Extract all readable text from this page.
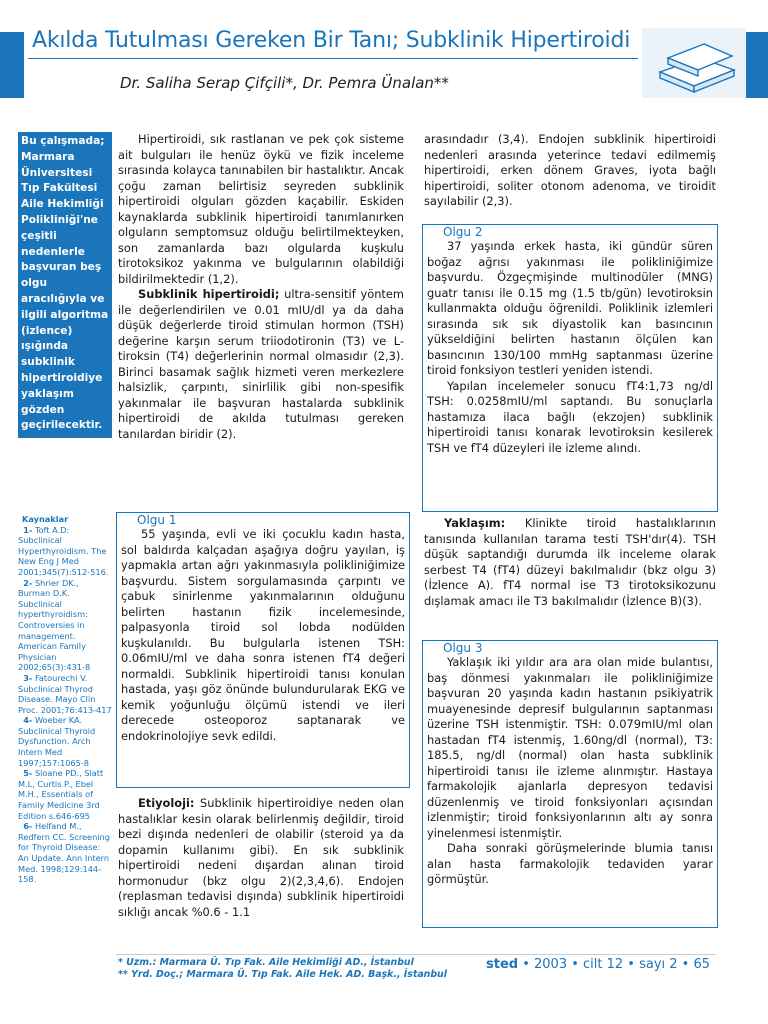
Akılda Tutulması Gereken Bir Tanı; Subklinik Hipertiroidi
Dr. Saliha Serap Çifçili*, Dr. Pemra Ünalan**
Bu çalışmada; Marmara Üniversitesi Tıp Fakültesi Aile Hekimliği Polikliniği'ne çeşitli nedenlerle başvuran beş olgu aracılığıyla ve ilgili algoritma (izlence) ışığında subklinik hipertiroidiye yaklaşım gözden geçirilecektir.
Kaynaklar
1- Toft A.D: Subclinical Hyperthyroidism. The New Eng J Med 2001;345(7):512-516.
2- Shrier DK., Burman D.K. Subclinical hyperthyroidism: Controversies in management. American Family Physician 2002;65(3):431-8
3- Fatourechi V. Subclinical Thyrod Disease. Mayo Clin Proc. 2001;76:413-417
4- Woeber KA. Subclinical Thyroid Dysfunction. Arch Intern Med 1997;157:1065-8
5- Sloane PD., Slatt M.L, Curtis P., Ebel M.H., Essentials of Family Medicine 3rd Edition s.646-695
6- Helfand M., Redfern CC. Screening for Thyroid Disease: An Update. Ann Intern Med. 1998;129:144-158.

Hipertiroidi, sık rastlanan ve pek çok sisteme ait bulguları ile henüz öykü ve fizik inceleme sırasında kolayca tanınabilen bir hastalıktır. Ancak çoğu zaman belirtisiz seyreden subklinik hipertiroidi olguları gözden kaçabilir. Eskiden kaynaklarda subklinik hipertiroidi tanımlanırken olguların semptomsuz olduğu belirtilmekteyken, son zamanlarda bazı olgularda kuşkulu tirotoksikoz yakınma ve bulgularının olabildiği bildirilmektedir (1,2).

Subklinik hipertiroidi; ultra-sensitif yöntem ile değerlendirilen ve 0.01 mIU/dl ya da daha düşük değerlerde tiroid stimulan hormon (TSH) değerine karşın serum triiodotironin (T3) ve L-tiroksin (T4) değerlerinin normal olmasıdır (2,3). Birinci basamak sağlık hizmeti veren merkezlere halsizlik, çarpıntı, sinirlilik gibi non-spesifik yakınmalar ile başvuran hastalarda subklinik hipertiroidi de akılda tutulması gereken tanılardan biridir (2).

Olgu 1

55 yaşında, evli ve iki çocuklu kadın hasta, sol baldırda kalçadan aşağıya doğru yayılan, iş yapmakla artan ağrı yakınmasıyla polikliniğimize başvurdu. Sistem sorgulamasında çarpıntı ve çabuk sinirlenme yakınmalarının olduğunu belirten hastanın fizik incelemesinde, palpasyonla tiroid sol lobda nodülden kuşkulanıldı. Bu bulgularla istenen TSH: 0.06mIU/ml ve daha sonra istenen fT4 değeri normaldi. Subklinik hipertiroidi tanısı konulan hastada, yaşı göz önünde bulundurularak EKG ve kemik yoğunluğu ölçümü istendi ve ileri derecede osteoporoz saptanarak ve endokrinolojiye sevk edildi.

Etiyoloji: Subklinik hipertiroidiye neden olan hastalıklar kesin olarak belirlenmiş değildir, tiroid bezi dışında nedenleri de olabilir (steroid ya da dopamin kullanımı gibi). En sık subklinik hipertiroidi nedeni dışardan alınan tiroid hormonudur (bkz olgu 2)(2,3,4,6). Endojen (replasman tedavisi dışında) subklinik hipertiroidi sıklığı ancak %0.6 - 1.1

arasındadır (3,4). Endojen subklinik hipertiroidi nedenleri arasında yeterince tedavi edilmemiş hipertiroidi, erken dönem Graves, iyota bağlı hipertiroidi, soliter otonom adenoma, ve tiroidit sayılabilir (2,3).

Olgu 2

37 yaşında erkek hasta, iki gündür süren boğaz ağrısı yakınması ile polikliniğimize başvurdu. Özgeçmişinde multinodüler (MNG) guatr tanısı ile 0.15 mg (1.5 tb/gün) levotiroksin kullanmakta olduğu öğrenildi. Poliklinik izlemleri sırasında sık sık diyastolik kan basıncının yükseldiğini belirten hastanın ölçülen kan basıncının 130/100 mmHg saptanması üzerine tiroid fonksiyon testleri yeniden istendi.

Yapılan incelemeler sonucu fT4:1,73 ng/dl TSH: 0.0258mIU/ml saptandı. Bu sonuçlarla hastamıza ilaca bağlı (ekzojen) subklinik hipertiroidi tanısı konarak levotiroksin kesilerek TSH ve fT4 düzeyleri ile izleme alındı.

Yaklaşım: Klinikte tiroid hastalıklarının tanısında kullanılan tarama testi TSH'dır(4). TSH düşük saptandığı durumda ilk inceleme olarak serbest T4 (fT4) düzeyi bakılmalıdır (bkz olgu 3) (İzlence A). fT4 normal ise T3 tirotoksikozunu dışlamak amacı ile T3 bakılmalıdır (İzlence B)(3).

Olgu 3

Yaklaşık iki yıldır ara ara olan mide bulantısı, baş dönmesi yakınmaları ile polikliniğimize başvuran 20 yaşında kadın hastanın psikiyatrik muayenesinde depresif bulgularının saptanması üzerine TSH istenmiştir. TSH: 0.079mIU/ml olan hastadan fT4 istenmiş, 1.60ng/dl (normal), T3: 185.5, ng/dl (normal) olan hasta subklinik hipertiroidi tanısı ile izleme alınmıştır. Hastaya farmakolojik ajanlarla depresyon tedavisi düzenlenmiş ve tiroid fonksiyonları açısından izlenmiştir; tiroid fonksiyonlarının altı ay sonra yinelenmesi istenmiştir.

Daha sonraki görüşmelerinde blumia tanısı alan hasta farmakolojik tedaviden yarar görmüştür.

* Uzm.: Marmara Ü. Tıp Fak. Aile Hekimliği AD., İstanbul
** Yrd. Doç.; Marmara Ü. Tıp Fak. Aile Hek. AD. Başk., İstanbul
sted • 2003 • cilt 12 • sayı 2 • 65
